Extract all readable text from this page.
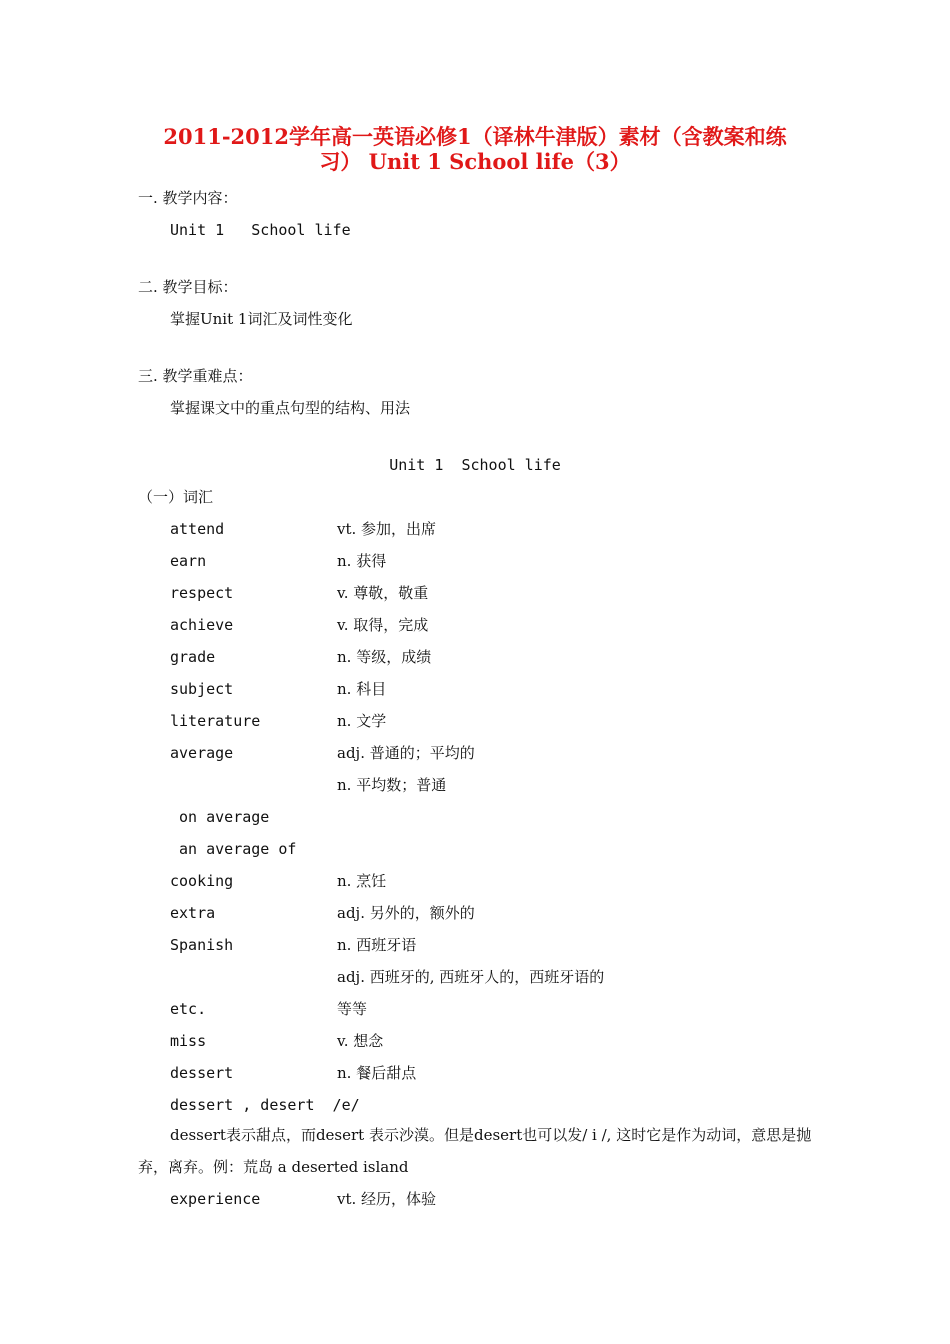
2011-2012学年高一英语必修1（译林牛津版）素材（含教案和练
习） Unit 1 School life（3）
一. 教学内容：
Unit 1   School life
二. 教学目标：
掌握Unit 1词汇及词性变化
三. 教学重难点：
掌握课文中的重点句型的结构、用法
Unit 1  School life
（一）词汇
attend	vt. 参加，出席
earn	n. 获得
respect	v. 尊敬，敬重
achieve	v. 取得，完成
grade	n. 等级，成绩
subject	n. 科目
literature	n. 文学
average	adj. 普通的；平均的
n. 平均数；普通
on average
an average of
cooking	n. 烹饪
extra	adj. 另外的，额外的
Spanish	n. 西班牙语
adj. 西班牙的, 西班牙人的，西班牙语的
etc.	等等
miss	v. 想念
dessert	n. 餐后甜点
dessert , desert  /e/
dessert表示甜点，而desert 表示沙漠。但是desert也可以发/ i /, 这时它是作为动词，意思是抛弃，离弃。例：荒岛 a deserted island
experience	vt. 经历，体验
